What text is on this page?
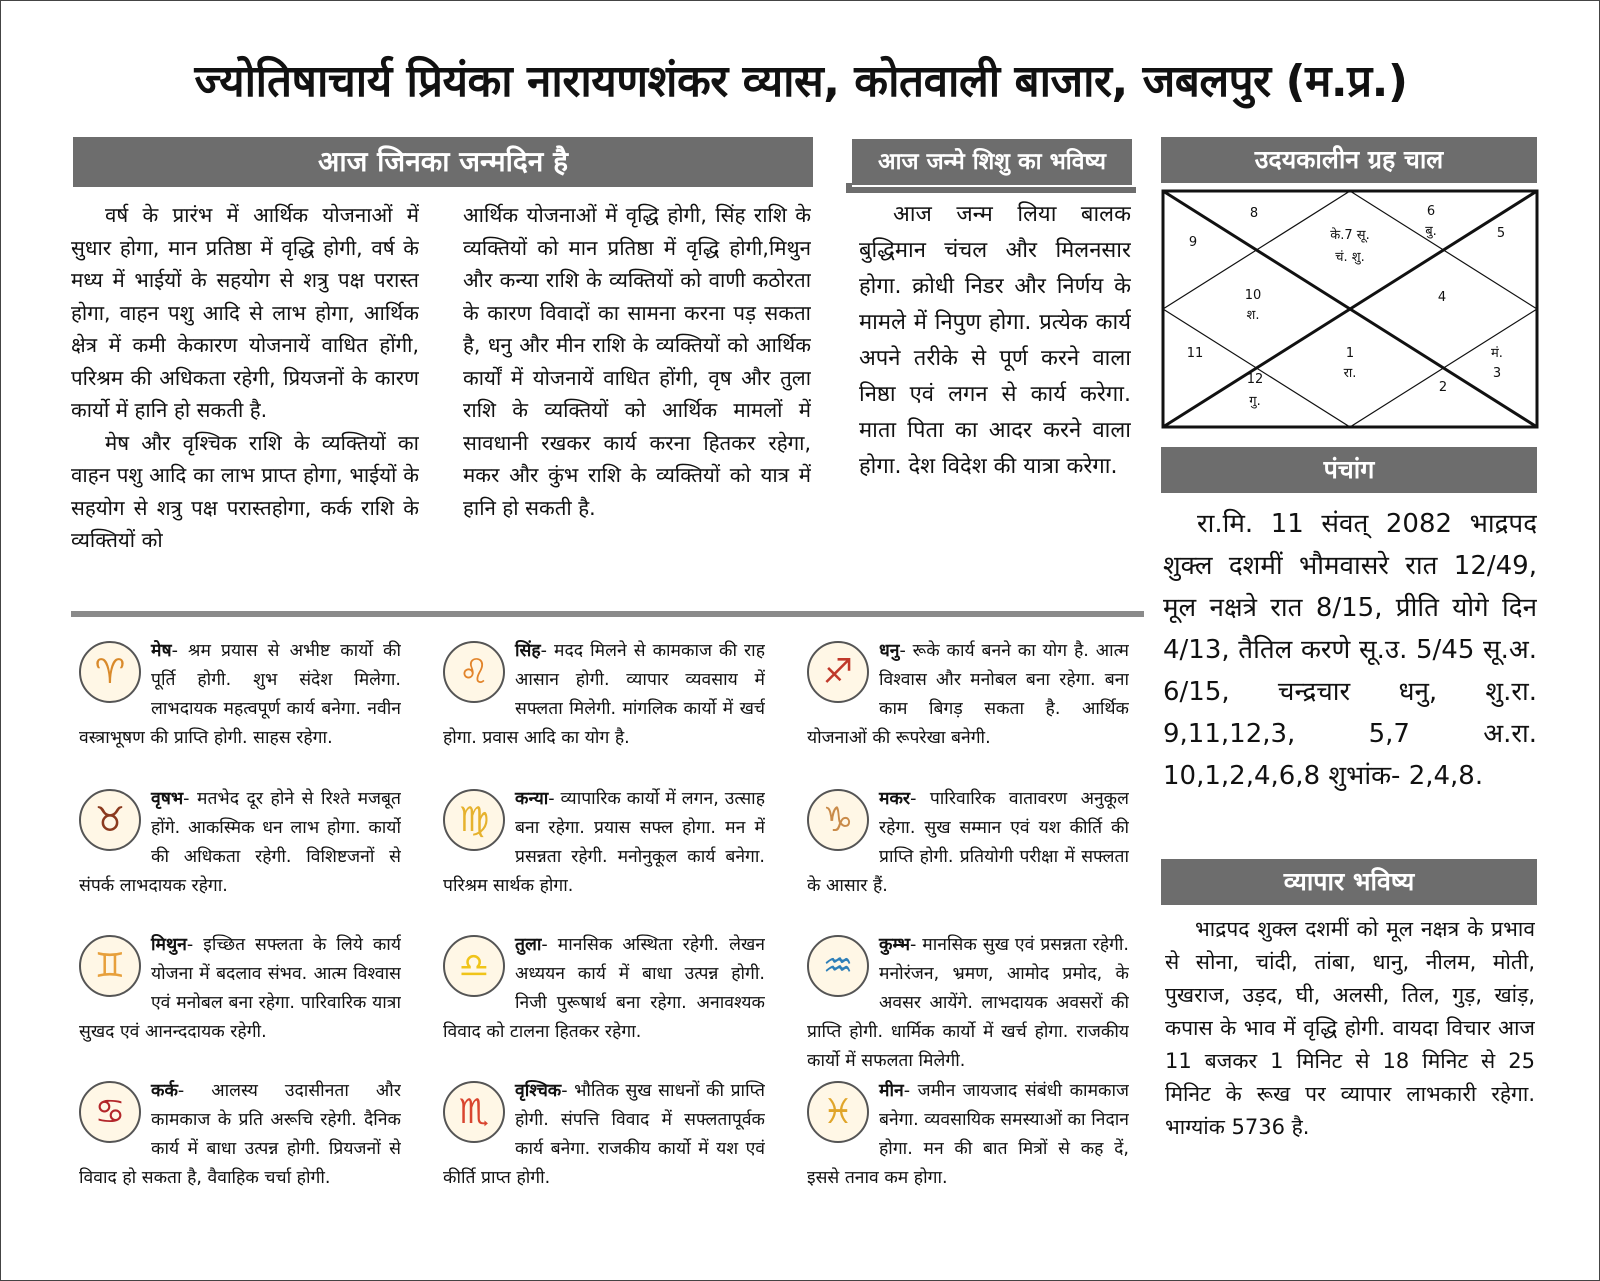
ज्योतिषाचार्य प्रियंका नारायणशंकर व्यास, कोतवाली बाजार, जबलपुर (म.प्र.)
आज जिनका जन्मदिन है

वर्ष के प्रारंभ में आर्थिक योजनाओं में सुधार होगा, मान प्रतिष्ठा में वृद्धि होगी, वर्ष के मध्य में भाईयों के सहयोग से शत्रु पक्ष परास्त होगा, वाहन पशु आदि से लाभ होगा, आर्थिक क्षेत्र में कमी केकारण योजनायें वाधित होंगी, परिश्रम की अधिकता रहेगी, प्रियजनों के कारण कार्यो में हानि हो सकती है.

मेष और वृश्चिक राशि के व्यक्तियों का वाहन पशु आदि का लाभ प्राप्त होगा, भाईयों के सहयोग से शत्रु पक्ष परास्तहोगा, कर्क राशि के व्यक्तियों को

आर्थिक योजनाओं में वृद्धि होगी, सिंह राशि के व्यक्तियों को मान प्रतिष्ठा में वृद्धि होगी,मिथुन और कन्या राशि के व्यक्तियों को वाणी कठोरता के कारण विवादों का सामना करना पड़ सकता है, धनु और मीन राशि के व्यक्तियों को आर्थिक कार्यों में योजनायें वाधित होंगी, वृष और तुला राशि के व्यक्तियों को आर्थिक मामलों में सावधानी रखकर कार्य करना हितकर रहेगा, मकर और कुंभ राशि के व्यक्तियों को यात्र में हानि हो सकती है.

आज जन्मे शिशु का भविष्य

आज जन्म लिया बालक बुद्धिमान चंचल और मिलनसार होगा. क्रोधी निडर और निर्णय के मामले में निपुण होगा. प्रत्येक कार्य अपने तरीके से पूर्ण करने वाला निष्ठा एवं लगन से कार्य करेगा. माता पिता का आदर करने वाला होगा. देश विदेश की यात्रा करेगा.

उदयकालीन ग्रह चाल
8	6
बु.
के.7 सू.
चं. शु.
9
5
10
श.
4
11	1
रा.
मं.
3
12
गु.
2
पंचांग

रा.मि. 11 संवत् 2082 भाद्रपद शुक्ल दशमीं भौमवासरे रात 12/49, मूल नक्षत्रे रात 8/15, प्रीति योगे दिन 4/13, तैतिल करणे सू.उ. 5/45 सू.अ. 6/15, चन्द्रचार धनु, शु.रा. 9,11,12,3, 5,7 अ.रा. 10,1,2,4,6,8 शुभांक- 2,4,8.

व्यापार भविष्य

भाद्रपद शुक्ल दशमीं को मूल नक्षत्र के प्रभाव से सोना, चांदी, तांबा, धानु, नीलम, मोती, पुखराज, उड़द, घी, अलसी, तिल, गुड़, खांड़, कपास के भाव में वृद्धि होगी. वायदा विचार आज 11 बजकर 1 मिनिट से 18 मिनिट से 25 मिनिट के रूख पर व्यापार लाभकारी रहेगा. भाग्यांक 5736 है.

मेष
♈
- श्रम प्रयास से अभीष्ट कार्यो की पूर्ति होगी. शुभ संदेश मिलेगा. लाभदायक महत्वपूर्ण कार्य बनेगा. नवीन वस्त्राभूषण की प्राप्ति होगी. साहस रहेगा.
वृषभ
♉
- मतभेद दूर होने से रिश्ते मजबूत होंगे. आकस्मिक धन लाभ होगा. कार्यो की अधिकता रहेगी. विशिष्टजनों से संपर्क लाभदायक रहेगा.
मिथुन
♊
- इच्छित सफ्लता के लिये कार्य योजना में बदलाव संभव. आत्म विश्वास एवं मनोबल बना रहेगा. पारिवारिक यात्रा सुखद एवं आनन्ददायक रहेगी.
कर्क
♋
- आलस्य उदासीनता और कामकाज के प्रति अरूचि रहेगी. दैनिक कार्य में बाधा उत्पन्न होगी. प्रियजनों से विवाद हो सकता है, वैवाहिक चर्चा होगी.
सिंह
♌
- मदद मिलने से कामकाज की राह आसान होगी. व्यापार व्यवसाय में सफ्लता मिलेगी. मांगलिक कार्यो में खर्च होगा. प्रवास आदि का योग है.
कन्या
♍
- व्यापारिक कार्यो में लगन, उत्साह बना रहेगा. प्रयास सफ्ल होगा. मन में प्रसन्नता रहेगी. मनोनुकूल कार्य बनेगा. परिश्रम सार्थक होगा.
तुला
♎
- मानसिक अस्थिता रहेगी. लेखन अध्ययन कार्य में बाधा उत्पन्न होगी. निजी पुरूषार्थ बना रहेगा. अनावश्यक विवाद को टालना हितकर रहेगा.
वृश्चिक
♏
- भौतिक सुख साधनों की प्राप्ति होगी. संपत्ति विवाद में सफ्लतापूर्वक कार्य बनेगा. राजकीय कार्यो में यश एवं कीर्ति प्राप्त होगी.
धनु
♐
- रूके कार्य बनने का योग है. आत्म विश्वास और मनोबल बना रहेगा. बना काम बिगड़ सकता है. आर्थिक योजनाओं की रूपरेखा बनेगी.
मकर
♑
- पारिवारिक वातावरण अनुकूल रहेगा. सुख सम्मान एवं यश कीर्ति की प्राप्ति होगी. प्रतियोगी परीक्षा में सफ्लता के आसार हैं.
कुम्भ
♒
- मानसिक सुख एवं प्रसन्नता रहेगी. मनोरंजन, भ्रमण, आमोद प्रमोद, के अवसर आयेंगे. लाभदायक अवसरों की प्राप्ति होगी. धार्मिक कार्यो में खर्च होगा. राजकीय कार्यो में सफलता मिलेगी.
मीन
♓
- जमीन जायजाद संबंधी कामकाज बनेगा. व्यवसायिक समस्याओं का निदान होगा. मन की बात मित्रों से कह दें, इससे तनाव कम होगा.
